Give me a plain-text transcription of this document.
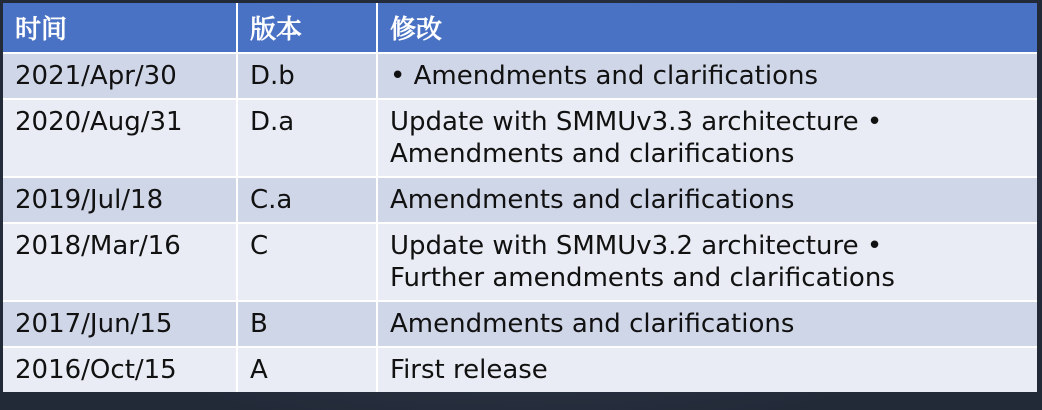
时间	版本	修改
2021/Apr/30	D.b	• Amendments and clarifications

2020/Aug/31	D.a	Update with SMMUv3.3 architecture •
Amendments and clarifications

2019/Jul/18	C.a	Amendments and clarifications

2018/Mar/16	C	Update with SMMUv3.2 architecture •
Further amendments and clarifications

2017/Jun/15	B	Amendments and clarifications

2016/Oct/15	A	First release
